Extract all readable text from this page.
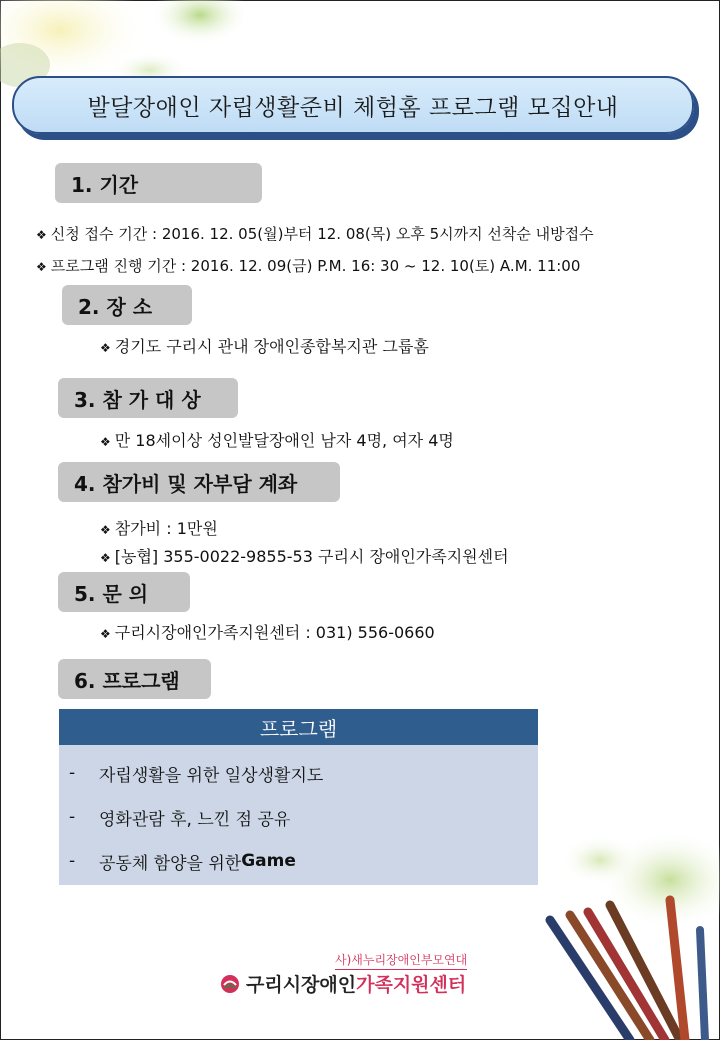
발달장애인 자립생활준비 체험홈 프로그램 모집안내
1. 기간
❖ 신청 접수 기간 : 2016. 12. 05(월)부터 12. 08(목) 오후 5시까지 선착순 내방접수
❖ 프로그램 진행 기간 : 2016. 12. 09(금) P.M. 16: 30 ~ 12. 10(토) A.M. 11:00
2. 장 소
❖ 경기도 구리시 관내 장애인종합복지관 그룹홈
3. 참 가 대 상
❖ 만 18세이상 성인발달장애인 남자 4명, 여자 4명
4. 참가비 및 자부담 계좌
❖ 참가비 : 1만원
❖ [농협] 355-0022-9855-53 구리시 장애인가족지원센터
5. 문 의
❖ 구리시장애인가족지원센터 : 031) 556-0660
6. 프로그램
프로그램
-	자립생활을 위한 일상생활지도
-	영화관람 후, 느낀 점 공유
-	공동체 함양을 위한 Game
사)새누리장애인부모연대
구리시장애인 가족지원센터
